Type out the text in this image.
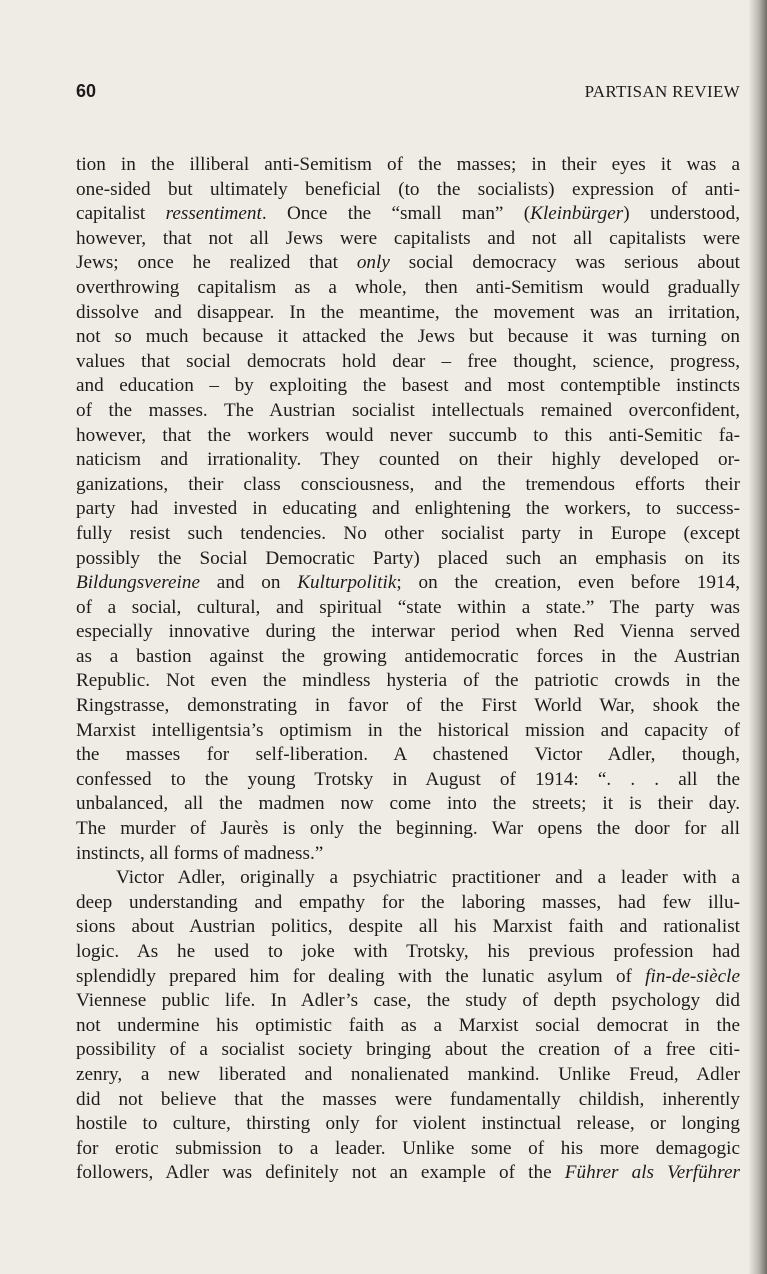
60	PARTISAN REVIEW
tion in the illiberal anti-Semitism of the masses; in their eyes it was a
one-sided but ultimately beneficial (to the socialists) expression of anti-
capitalist ressentiment. Once the “small man” (Kleinbürger) understood,
however, that not all Jews were capitalists and not all capitalists were
Jews; once he realized that only social democracy was serious about
overthrowing capitalism as a whole, then anti-Semitism would gradually
dissolve and disappear. In the meantime, the movement was an irritation,
not so much because it attacked the Jews but because it was turning on
values that social democrats hold dear – free thought, science, progress,
and education – by exploiting the basest and most contemptible instincts
of the masses. The Austrian socialist intellectuals remained overconfident,
however, that the workers would never succumb to this anti-Semitic fa-
naticism and irrationality. They counted on their highly developed or-
ganizations, their class consciousness, and the tremendous efforts their
party had invested in educating and enlightening the workers, to success-
fully resist such tendencies. No other socialist party in Europe (except
possibly the Social Democratic Party) placed such an emphasis on its
Bildungsvereine and on Kulturpolitik; on the creation, even before 1914,
of a social, cultural, and spiritual “state within a state.” The party was
especially innovative during the interwar period when Red Vienna served
as a bastion against the growing antidemocratic forces in the Austrian
Republic. Not even the mindless hysteria of the patriotic crowds in the
Ringstrasse, demonstrating in favor of the First World War, shook the
Marxist intelligentsia’s optimism in the historical mission and capacity of
the masses for self-liberation. A chastened Victor Adler, though,
confessed to the young Trotsky in August of 1914: “. . . all the
unbalanced, all the madmen now come into the streets; it is their day.
The murder of Jaurès is only the beginning. War opens the door for all
instincts, all forms of madness.”
Victor Adler, originally a psychiatric practitioner and a leader with a
deep understanding and empathy for the laboring masses, had few illu-
sions about Austrian politics, despite all his Marxist faith and rationalist
logic. As he used to joke with Trotsky, his previous profession had
splendidly prepared him for dealing with the lunatic asylum of fin-de-siècle
Viennese public life. In Adler’s case, the study of depth psychology did
not undermine his optimistic faith as a Marxist social democrat in the
possibility of a socialist society bringing about the creation of a free citi-
zenry, a new liberated and nonalienated mankind. Unlike Freud, Adler
did not believe that the masses were fundamentally childish, inherently
hostile to culture, thirsting only for violent instinctual release, or longing
for erotic submission to a leader. Unlike some of his more demagogic
followers, Adler was definitely not an example of the Führer als Verführer
